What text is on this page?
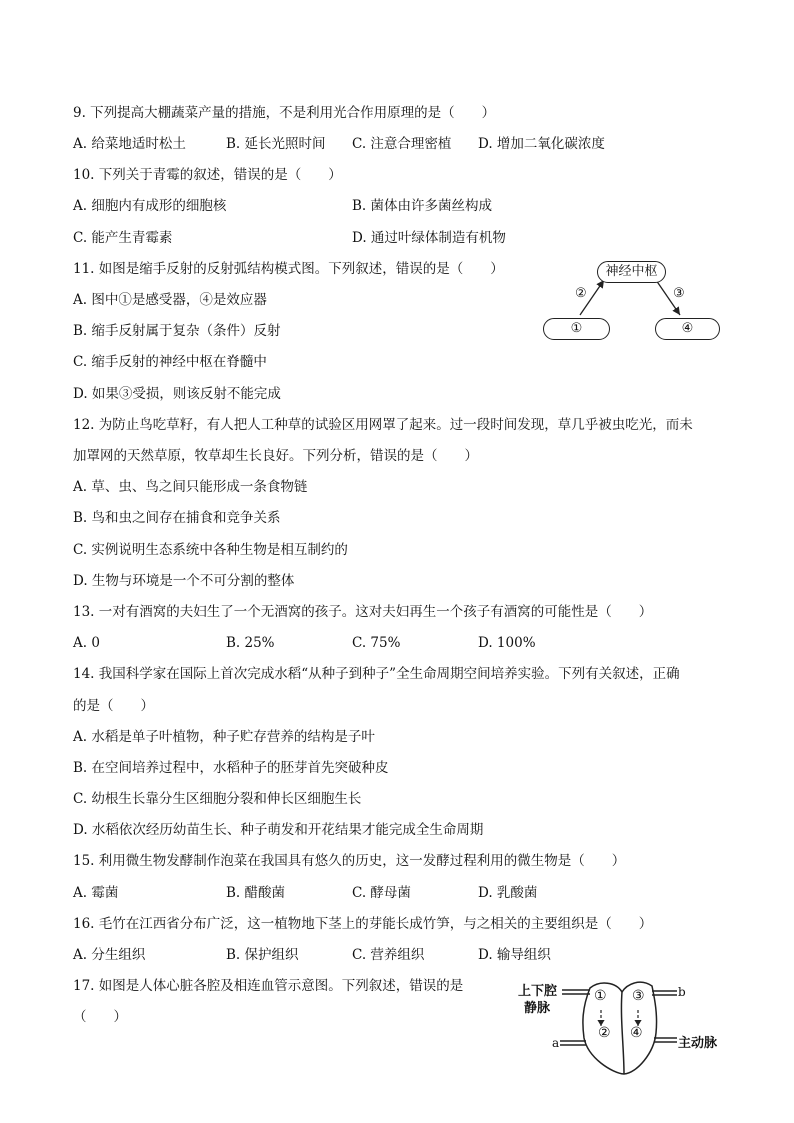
9. 下列提高大棚蔬菜产量的措施，不是利用光合作用原理的是（　　）
A. 给菜地适时松土	B. 延长光照时间 C. 注意合理密植 D. 增加二氧化碳浓度
10. 下列关于青霉的叙述，错误的是（　　）
A. 细胞内有成形的细胞核	B. 菌体由许多菌丝构成
C. 能产生青霉素	D. 通过叶绿体制造有机物
11. 如图是缩手反射的反射弧结构模式图。下列叙述，错误的是（　　）
A. 图中①是感受器，④是效应器
B. 缩手反射属于复杂（条件）反射
C. 缩手反射的神经中枢在脊髓中
D. 如果③受损，则该反射不能完成
神经中枢
①	④
②	③
12. 为防止鸟吃草籽，有人把人工种草的试验区用网罩了起来。过一段时间发现，草几乎被虫吃光，而未
加罩网的天然草原，牧草却生长良好。下列分析，错误的是（　　）
A. 草、虫、鸟之间只能形成一条食物链
B. 鸟和虫之间存在捕食和竞争关系
C. 实例说明生态系统中各种生物是相互制约的
D. 生物与环境是一个不可分割的整体
13. 一对有酒窝的夫妇生了一个无酒窝的孩子。这对夫妇再生一个孩子有酒窝的可能性是（　　）
A. 0	B. 25%	C. 75%	D. 100%
14. 我国科学家在国际上首次完成水稻“从种子到种子”全生命周期空间培养实验。下列有关叙述，正确
的是（　　）
A. 水稻是单子叶植物，种子贮存营养的结构是子叶
B. 在空间培养过程中，水稻种子的胚芽首先突破种皮
C. 幼根生长靠分生区细胞分裂和伸长区细胞生长
D. 水稻依次经历幼苗生长、种子萌发和开花结果才能完成全生命周期
15. 利用微生物发酵制作泡菜在我国具有悠久的历史，这一发酵过程利用的微生物是（　　）
A. 霉菌	B. 醋酸菌	C. 酵母菌	D. 乳酸菌
16. 毛竹在江西省分布广泛，这一植物地下茎上的芽能长成竹笋，与之相关的主要组织是（　　）
A. 分生组织	B. 保护组织	C. 营养组织	D. 输导组织
17. 如图是人体心脏各腔及相连血管示意图。下列叙述，错误的是
（　　）
上下腔
静脉
b
a	主动脉
①
②
③
④
